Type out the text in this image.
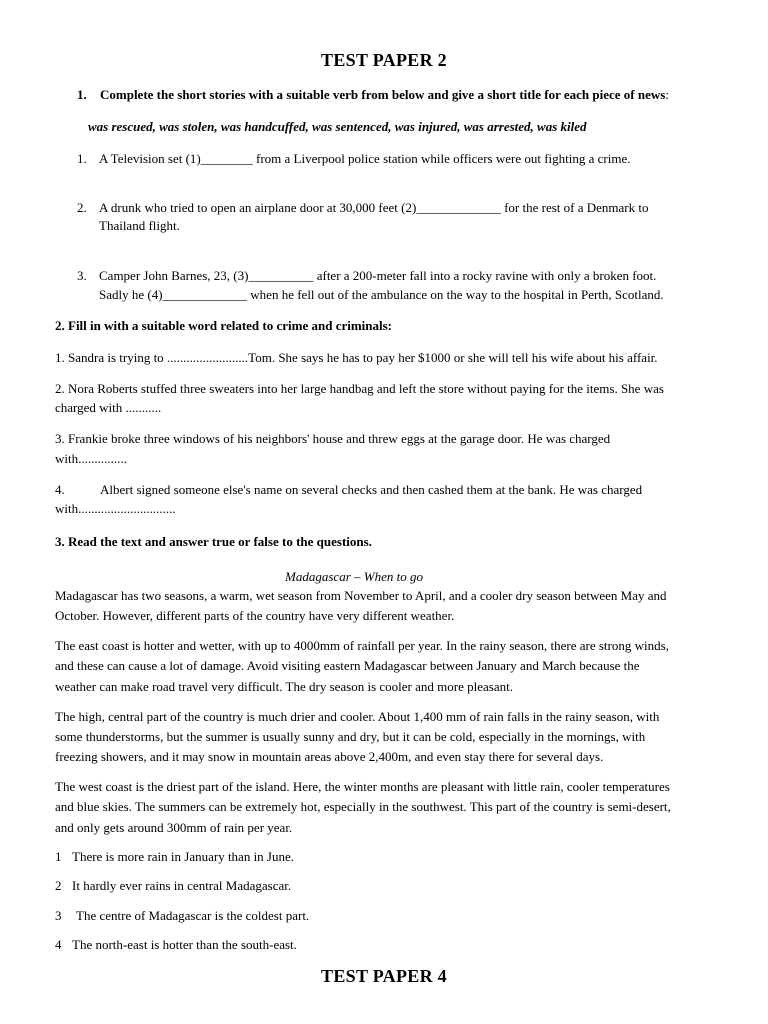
TEST PAPER 2
1. Complete the short stories with a suitable verb from below and give a short title for each piece of news:
was rescued, was stolen, was handcuffed, was sentenced, was injured, was arrested, was kiled
1. A Television set (1)________ from a Liverpool police station while officers were out fighting a crime.
2. A drunk who tried to open an airplane door at 30,000 feet (2)_____________ for the rest of a Denmark to
Thailand flight.
3. Camper John Barnes, 23, (3)__________ after a 200-meter fall into a rocky ravine with only a broken foot.
Sadly he (4)_____________ when he fell out of the ambulance on the way to the hospital in Perth, Scotland.
2. Fill in with a suitable word related to crime and criminals:
1. Sandra is trying to .........................Tom. She says he has to pay her $1000 or she will tell his wife about his affair.
2. Nora Roberts stuffed three sweaters into her large handbag and left the store without paying for the items. She was
charged with ...........
3. Frankie broke three windows of his neighbors' house and threw eggs at the garage door. He was charged
with...............
4.	Albert signed someone else's name on several checks and then cashed them at the bank. He was charged
with..............................
3. Read the text and answer true or false to the questions.
Madagascar – When to go
Madagascar has two seasons, a warm, wet season from November to April, and a cooler dry season between May and
October. However, different parts of the country have very different weather.
The east coast is hotter and wetter, with up to 4000mm of rainfall per year. In the rainy season, there are strong winds,
and these can cause a lot of damage. Avoid visiting eastern Madagascar between January and March because the
weather can make road travel very difficult. The dry season is cooler and more pleasant.
The high, central part of the country is much drier and cooler. About 1,400 mm of rain falls in the rainy season, with
some thunderstorms, but the summer is usually sunny and dry, but it can be cold, especially in the mornings, with
freezing showers, and it may snow in mountain areas above 2,400m, and even stay there for several days.
The west coast is the driest part of the island. Here, the winter months are pleasant with little rain, cooler temperatures
and blue skies. The summers can be extremely hot, especially in the southwest. This part of the country is semi-desert,
and only gets around 300mm of rain per year.
1 There is more rain in January than in June.
2 It hardly ever rains in central Madagascar.
3 The centre of Madagascar is the coldest part.
4 The north-east is hotter than the south-east.
TEST PAPER 4
